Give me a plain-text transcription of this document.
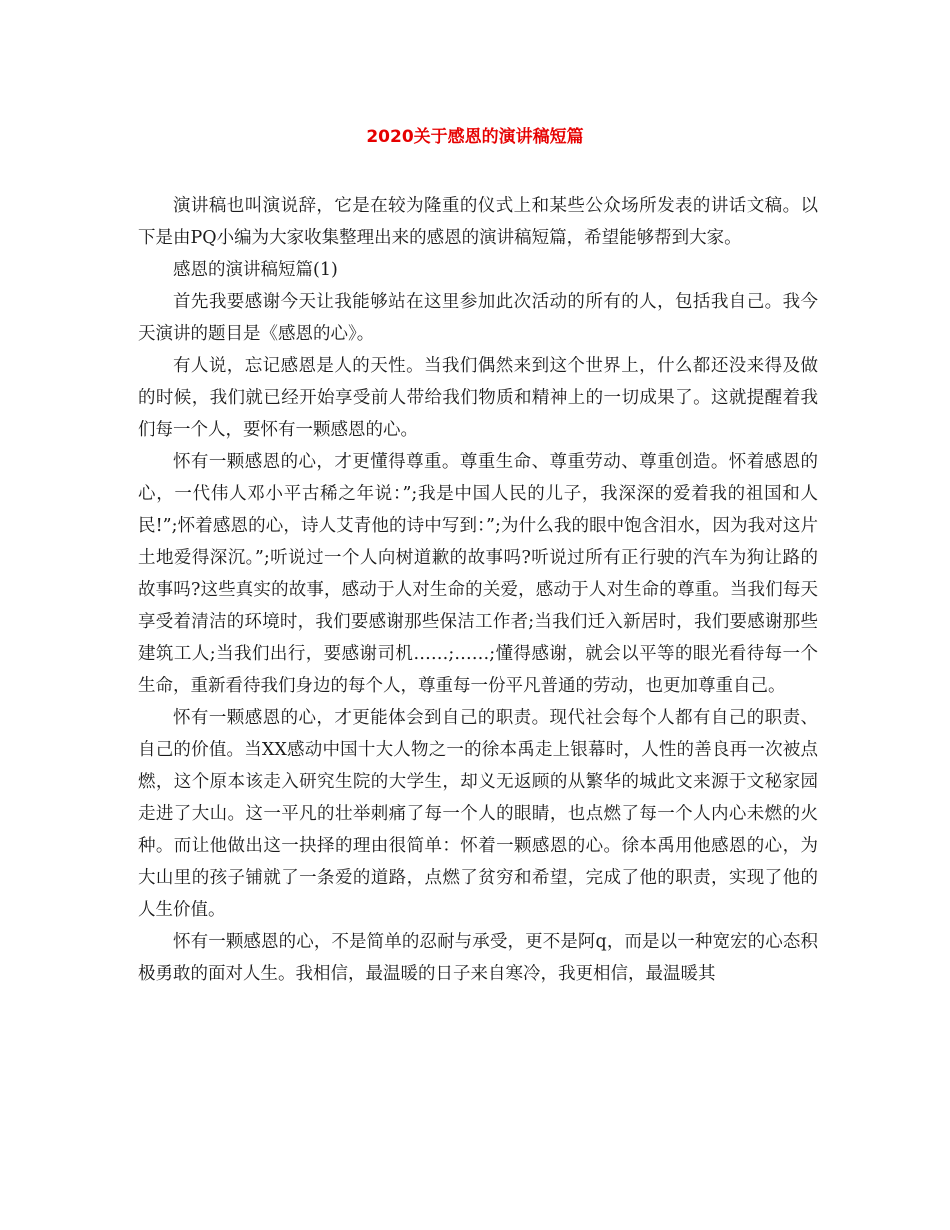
2020关于感恩的演讲稿短篇

演讲稿也叫演说辞，它是在较为隆重的仪式上和某些公众场所发表的讲话文稿。以下是由PQ小编为大家收集整理出来的感恩的演讲稿短篇，希望能够帮到大家。

感恩的演讲稿短篇(1)

首先我要感谢今天让我能够站在这里参加此次活动的所有的人，包括我自己。我今天演讲的题目是《感恩的心》。

有人说，忘记感恩是人的天性。当我们偶然来到这个世界上，什么都还没来得及做的时候，我们就已经开始享受前人带给我们物质和精神上的一切成果了。这就提醒着我们每一个人，要怀有一颗感恩的心。

怀有一颗感恩的心，才更懂得尊重。尊重生命、尊重劳动、尊重创造。怀着感恩的心，一代伟人邓小平古稀之年说：”;我是中国人民的儿子，我深深的爱着我的祖国和人民!”;怀着感恩的心，诗人艾青他的诗中写到：”;为什么我的眼中饱含泪水，因为我对这片土地爱得深沉。”;听说过一个人向树道歉的故事吗?听说过所有正行驶的汽车为狗让路的故事吗?这些真实的故事，感动于人对生命的关爱，感动于人对生命的尊重。当我们每天享受着清洁的环境时，我们要感谢那些保洁工作者;当我们迁入新居时，我们要感谢那些建筑工人;当我们出行，要感谢司机……;……;懂得感谢，就会以平等的眼光看待每一个生命，重新看待我们身边的每个人，尊重每一份平凡普通的劳动，也更加尊重自己。

怀有一颗感恩的心，才更能体会到自己的职责。现代社会每个人都有自己的职责、自己的价值。当XX感动中国十大人物之一的徐本禹走上银幕时，人性的善良再一次被点燃，这个原本该走入研究生院的大学生，却义无返顾的从繁华的城此文来源于文秘家园走进了大山。这一平凡的壮举刺痛了每一个人的眼睛，也点燃了每一个人内心未燃的火种。而让他做出这一抉择的理由很简单：怀着一颗感恩的心。徐本禹用他感恩的心，为大山里的孩子铺就了一条爱的道路，点燃了贫穷和希望，完成了他的职责，实现了他的人生价值。

怀有一颗感恩的心，不是简单的忍耐与承受，更不是阿q，而是以一种宽宏的心态积极勇敢的面对人生。我相信，最温暖的日子来自寒冷，我更相信，最温暖其
